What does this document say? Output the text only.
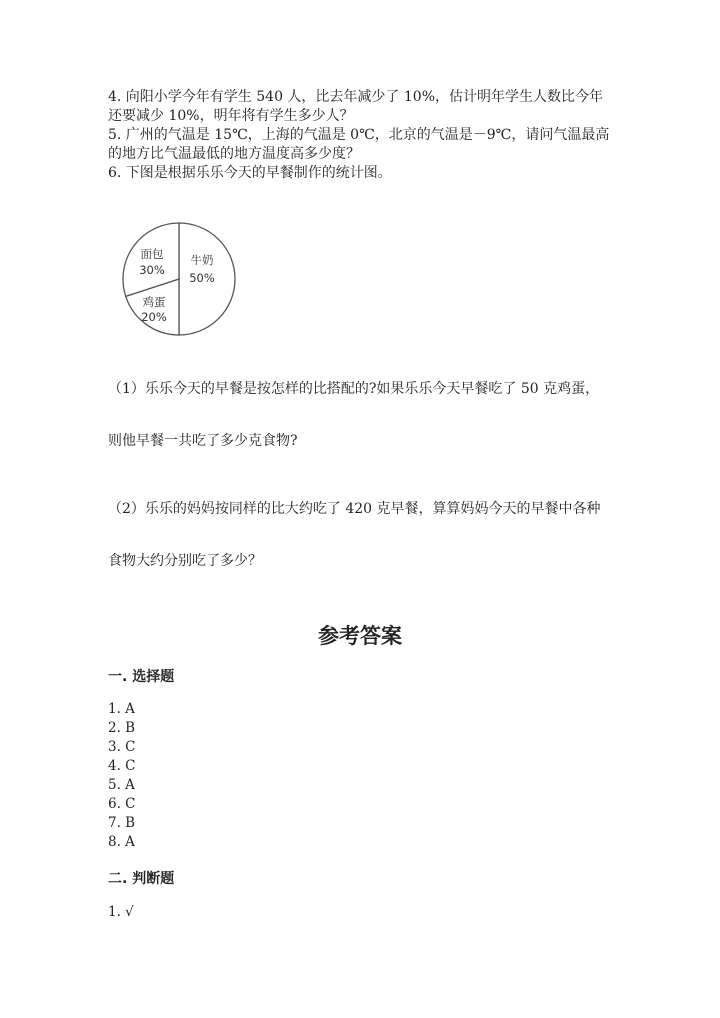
4. 向阳小学今年有学生 540 人，比去年减少了 10%，估计明年学生人数比今年
还要减少 10%，明年将有学生多少人？
5. 广州的气温是 15℃，上海的气温是 0℃，北京的气温是－9℃，请问气温最高
的地方比气温最低的地方温度高多少度？
6. 下图是根据乐乐今天的早餐制作的统计图。
牛奶
50%
面包
30%
鸡蛋
20%
（1）乐乐今天的早餐是按怎样的比搭配的?如果乐乐今天早餐吃了 50 克鸡蛋，
则他早餐一共吃了多少克食物?
（2）乐乐的妈妈按同样的比大约吃了 420 克早餐，算算妈妈今天的早餐中各种
食物大约分别吃了多少？
参考答案
一. 选择题
1. A
2. B
3. C
4. C
5. A
6. C
7. B
8. A
二. 判断题
1. √
